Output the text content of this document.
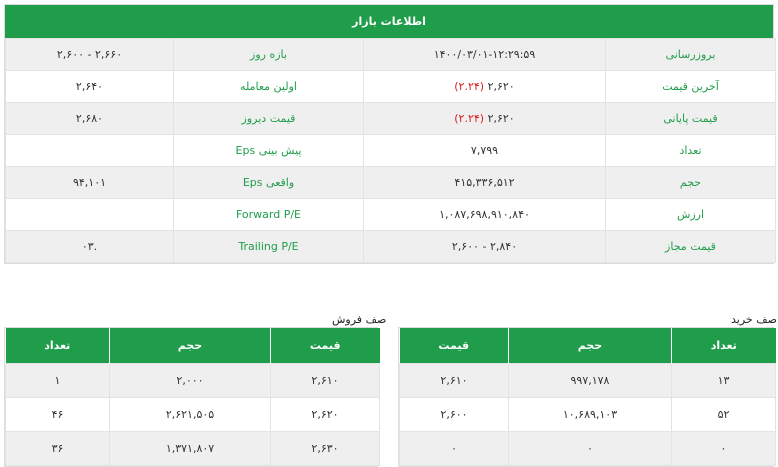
اطلاعات بازار
۲,۶۰۰ - ۲,۶۶۰	بازه روز	۱۴۰۰/۰۳/۰۱-۱۲:۲۹:۵۹	بروزرسانی
۲,۶۴۰	اولین معامله	(۲.۲۴) ۲,۶۲۰	آخرین قیمت
۲,۶۸۰	قیمت دیروز	(۲.۲۴) ۲,۶۲۰	قیمت پایانی
	Eps پیش بینی	۷,۷۹۹	تعداد
۹۴,۱۰۱	Eps واقعی	۴۱۵,۳۳۶,۵۱۲	حجم
	Forward P/E	۱,۰۸۷,۶۹۸,۹۱۰,۸۴۰	ارزش
۰۳.	Trailing P/E	۲,۶۰۰ - ۲,۸۴۰	قیمت مجاز
صف فروش
تعداد	حجم	قیمت
۱	۲,۰۰۰	۲,۶۱۰
۴۶	۲,۶۲۱,۵۰۵	۲,۶۲۰
۳۶	۱,۳۷۱,۸۰۷	۲,۶۳۰
صف خرید
قیمت	حجم	تعداد
۲,۶۱۰	۹۹۷,۱۷۸	۱۳
۲,۶۰۰	۱۰,۶۸۹,۱۰۳	۵۲
۰	۰	۰
